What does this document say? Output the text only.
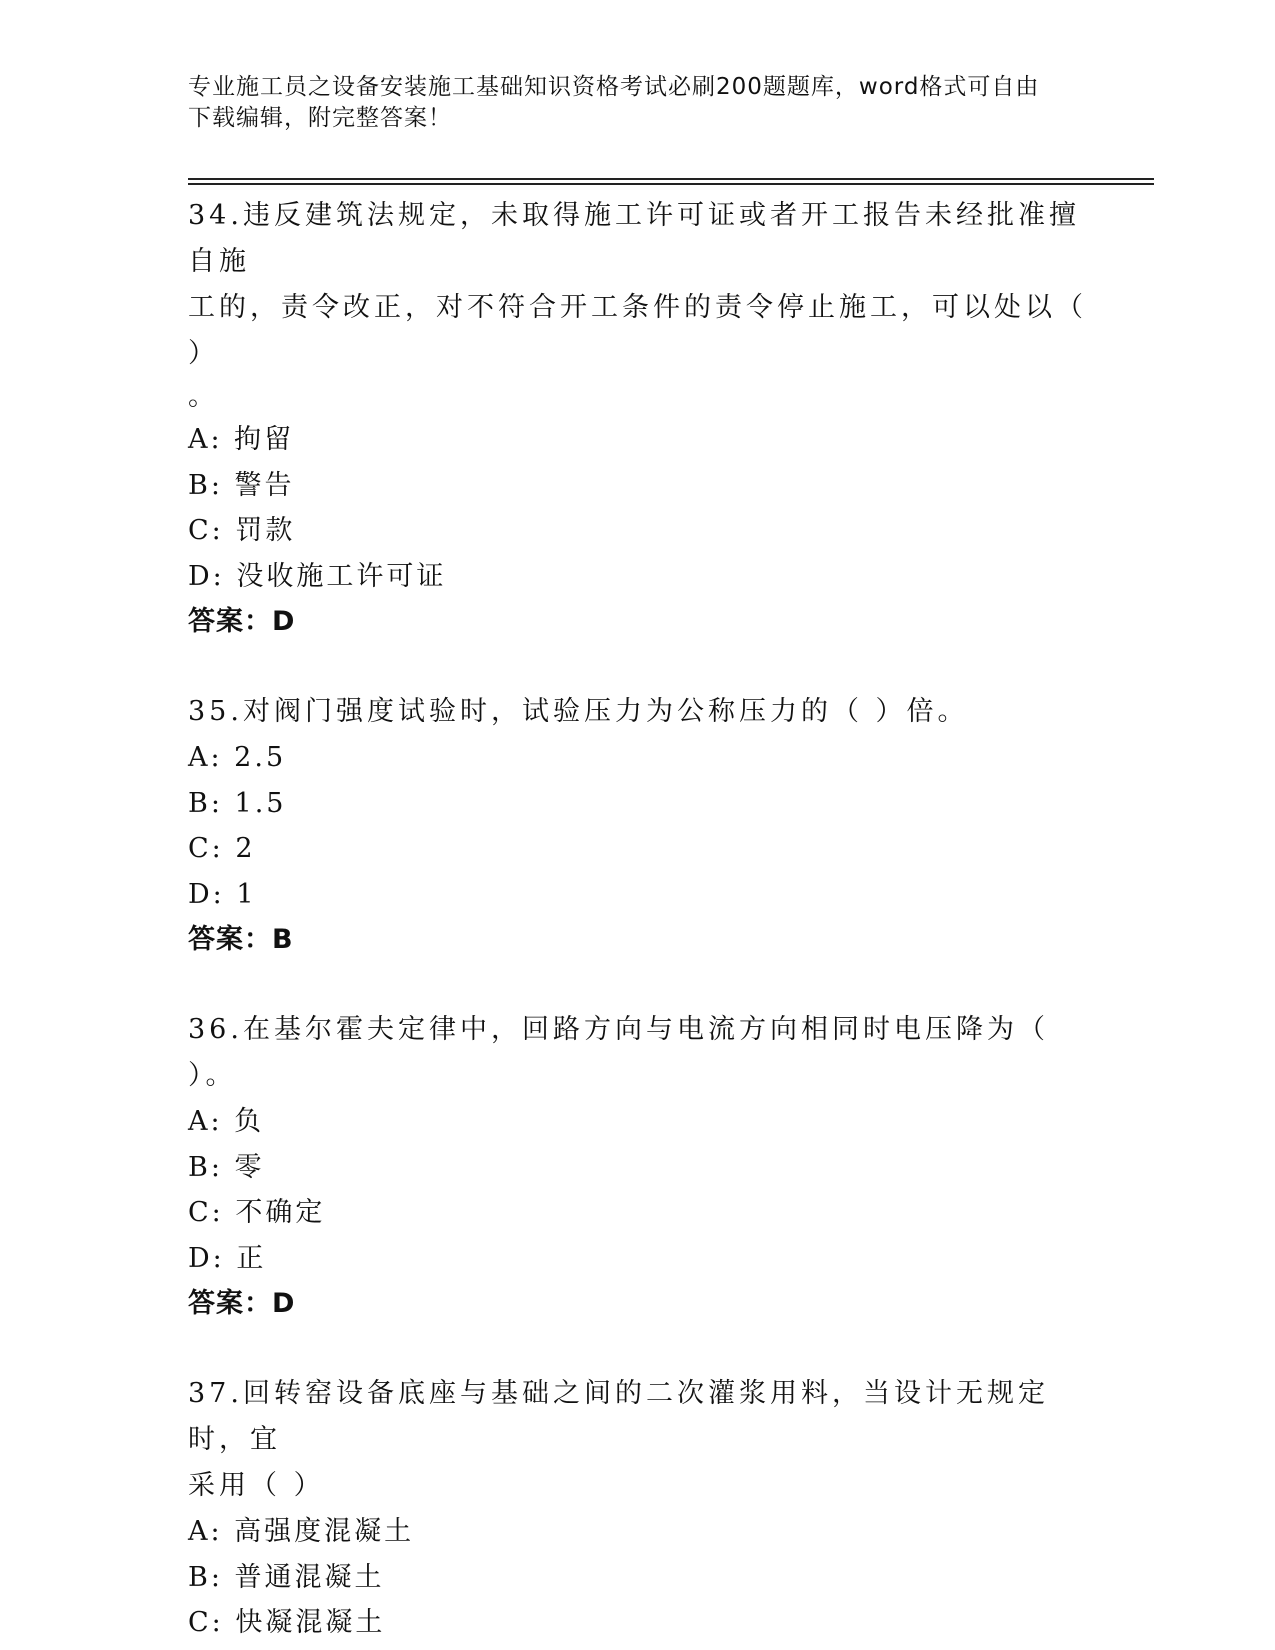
专业施工员之设备安装施工基础知识资格考试必刷200题题库，word格式可自由
下载编辑，附完整答案！
34.违反建筑法规定，未取得施工许可证或者开工报告未经批准擅自施
工的，责令改正，对不符合开工条件的责令停止施工，可以处以（ ）
。
A: 拘留
B: 警告
C: 罚款
D: 没收施工许可证
答案：D
35.对阀门强度试验时，试验压力为公称压力的（ ）倍。
A: 2.5
B: 1.5
C: 2
D: 1
答案：B
36.在基尔霍夫定律中，回路方向与电流方向相同时电压降为（ ）。
A: 负
B: 零
C: 不确定
D: 正
答案：D
37.回转窑设备底座与基础之间的二次灌浆用料，当设计无规定时，宜
采用（ ）
A: 高强度混凝土
B: 普通混凝土
C: 快凝混凝土
